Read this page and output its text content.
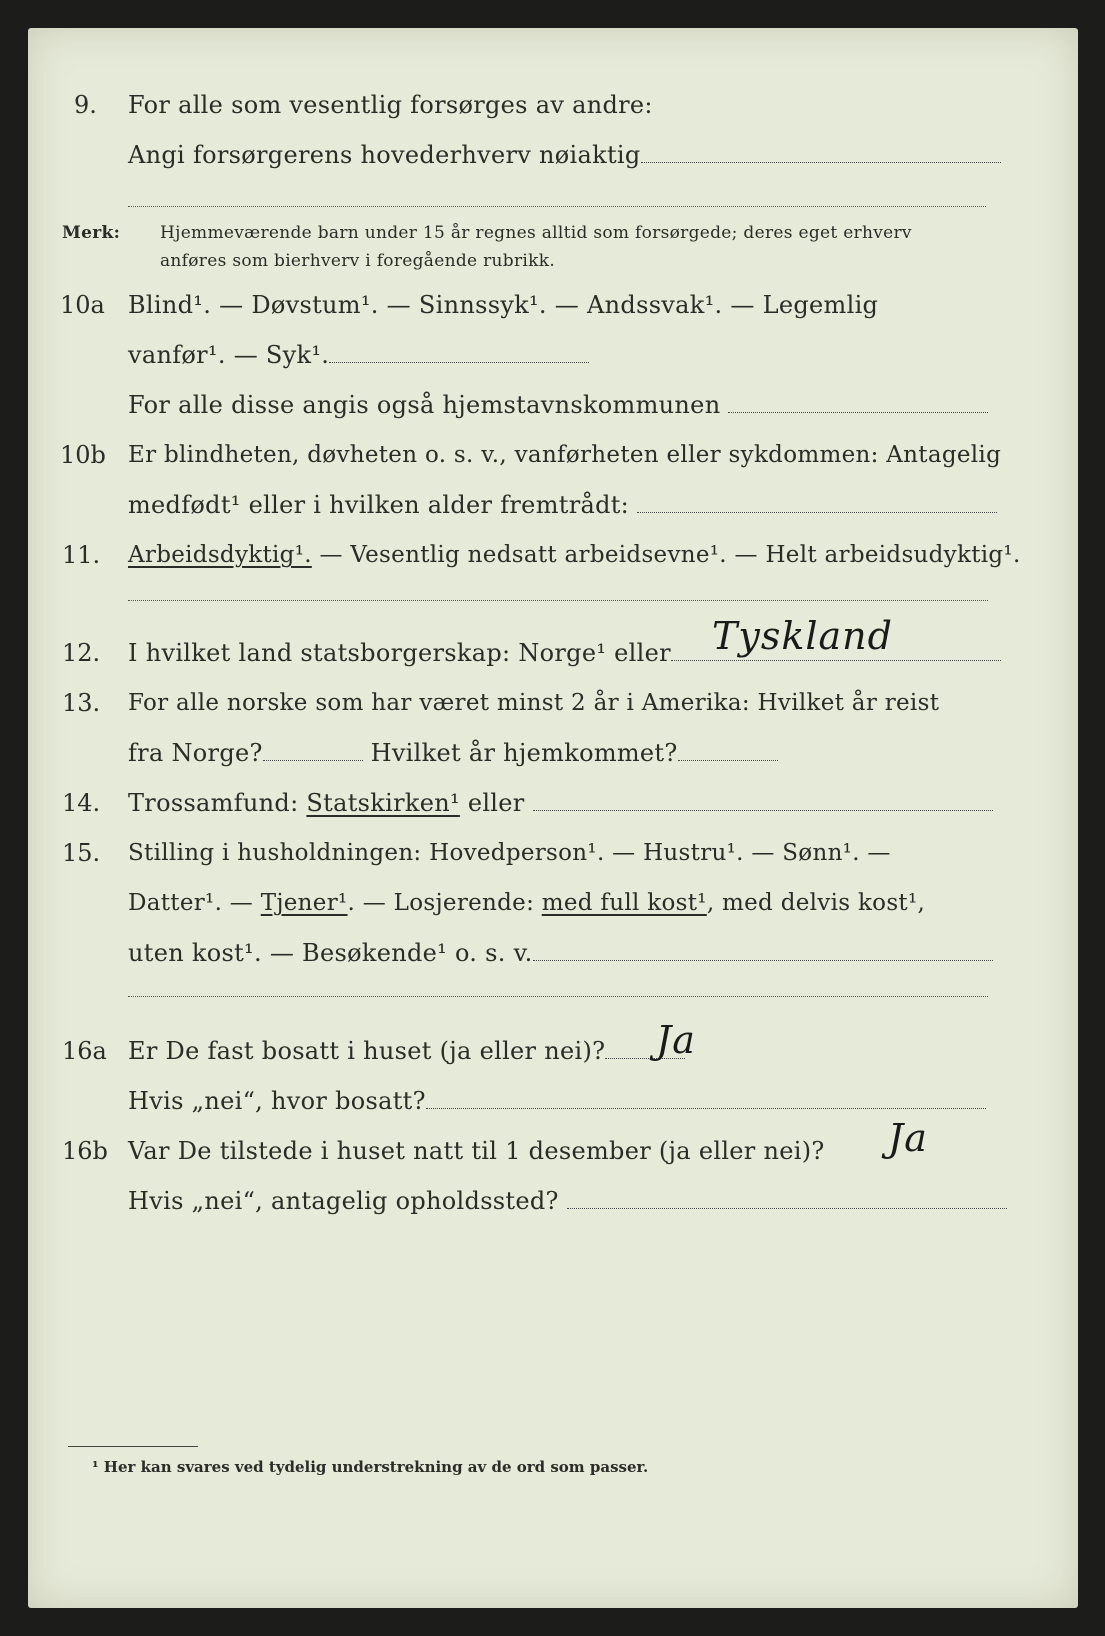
9. For alle som vesentlig forsørges av andre:
Angi forsørgerens hovederhverv nøiaktig
Merk: Hjemmeværende barn under 15 år regnes alltid som forsørgede; deres eget erhverv
anføres som bierhverv i foregående rubrikk.
10a Blind¹. — Døvstum¹. — Sinnssyk¹. — Andssvak¹. — Legemlig
vanfør¹. — Syk¹.
For alle disse angis også hjemstavnskommunen
10b Er blindheten, døvheten o. s. v., vanførheten eller sykdommen: Antagelig
medfødt¹ eller i hvilken alder fremtrådt:
11. Arbeidsdyktig¹. — Vesentlig nedsatt arbeidsevne¹. — Helt arbeidsudyktig¹.
12. I hvilket land statsborgerskap: Norge¹ eller	Tyskland
13. For alle norske som har været minst 2 år i Amerika: Hvilket år reist
fra Norge?	Hvilket år hjemkommet?
14. Trossamfund: Statskirken¹ eller
15. Stilling i husholdningen: Hovedperson¹. — Hustru¹. — Sønn¹. —
Datter¹. — Tjener¹. — Losjerende: med full kost¹, med delvis kost¹,
uten kost¹. — Besøkende¹ o. s. v.
16a Er De fast bosatt i huset (ja eller nei)?	Ja
Hvis „nei“, hvor bosatt?
16b Var De tilstede i huset natt til 1 desember (ja eller nei)? Ja
Hvis „nei“, antagelig opholdssted?
¹ Her kan svares ved tydelig understrekning av de ord som passer.
